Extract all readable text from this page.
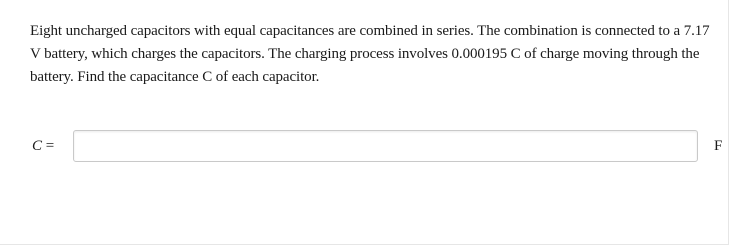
Eight uncharged capacitors with equal capacitances are combined in series. The combination is connected to a 7.17 V battery, which charges the capacitors. The charging process involves 0.000195 C of charge moving through the battery. Find the capacitance C of each capacitor.
C =	F
